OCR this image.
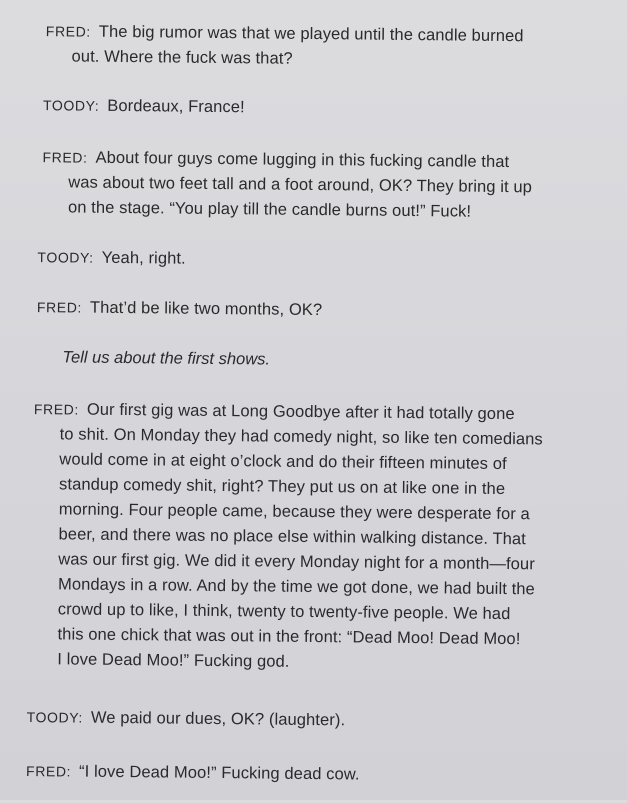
FRED: The big rumor was that we played until the candle burned
out. Where the fuck was that?

TOODY: Bordeaux, France!

FRED: About four guys come lugging in this fucking candle that
was about two feet tall and a foot around, OK? They bring it up
on the stage. “You play till the candle burns out!” Fuck!

TOODY: Yeah, right.

FRED: That’d be like two months, OK?

Tell us about the first shows.

FRED: Our first gig was at Long Goodbye after it had totally gone
to shit. On Monday they had comedy night, so like ten comedians
would come in at eight o’clock and do their fifteen minutes of
standup comedy shit, right? They put us on at like one in the
morning. Four people came, because they were desperate for a
beer, and there was no place else within walking distance. That
was our first gig. We did it every Monday night for a month—four
Mondays in a row. And by the time we got done, we had built the
crowd up to like, I think, twenty to twenty-five people. We had
this one chick that was out in the front: “Dead Moo! Dead Moo!
I love Dead Moo!” Fucking god.

TOODY: We paid our dues, OK? (laughter).

FRED: “I love Dead Moo!” Fucking dead cow.
